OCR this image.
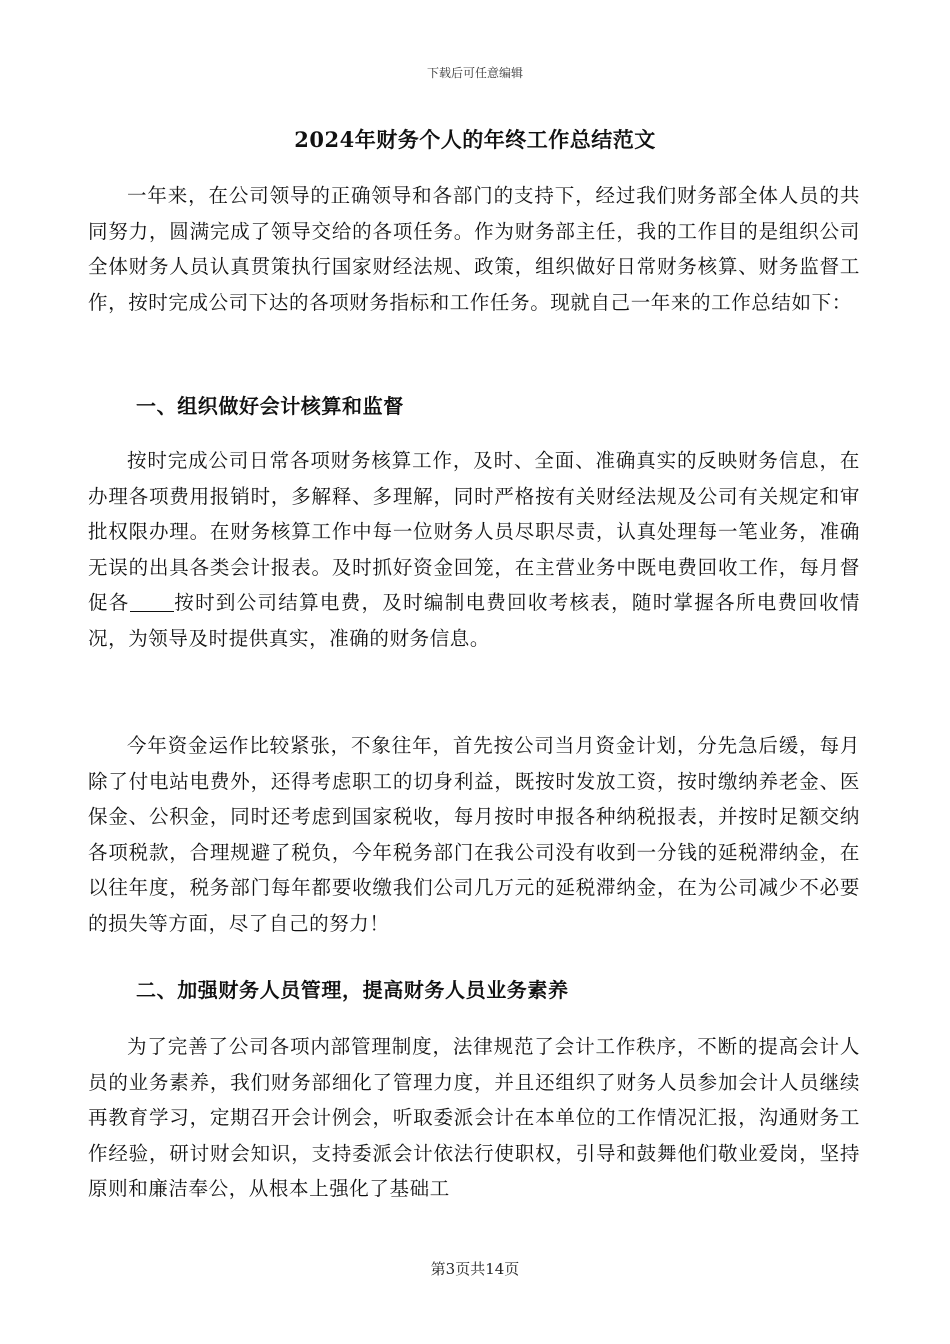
下载后可任意编辑
2024年财务个人的年终工作总结范文

一年来，在公司领导的正确领导和各部门的支持下，经过我们财务部全体人员的共同努力，圆满完成了领导交给的各项任务。作为财务部主任，我的工作目的是组织公司全体财务人员认真贯策执行国家财经法规、政策，组织做好日常财务核算、财务监督工作，按时完成公司下达的各项财务指标和工作任务。现就自己一年来的工作总结如下：

一、组织做好会计核算和监督

按时完成公司日常各项财务核算工作，及时、全面、准确真实的反映财务信息，在办理各项费用报销时，多解释、多理解，同时严格按有关财经法规及公司有关规定和审批权限办理。在财务核算工作中每一位财务人员尽职尽责，认真处理每一笔业务，准确无误的出具各类会计报表。及时抓好资金回笼，在主营业务中既电费回收工作，每月督促各 按时到公司结算电费，及时编制电费回收考核表，随时掌握各所电费回收情况，为领导及时提供真实，准确的财务信息。

今年资金运作比较紧张，不象往年，首先按公司当月资金计划，分先急后缓，每月除了付电站电费外，还得考虑职工的切身利益，既按时发放工资，按时缴纳养老金、医保金、公积金，同时还考虑到国家税收，每月按时申报各种纳税报表，并按时足额交纳各项税款，合理规避了税负，今年税务部门在我公司没有收到一分钱的延税滞纳金，在以往年度，税务部门每年都要收缴我们公司几万元的延税滞纳金，在为公司减少不必要的损失等方面，尽了自己的努力！

二、加强财务人员管理，提高财务人员业务素养

为了完善了公司各项内部管理制度，法律规范了会计工作秩序，不断的提高会计人员的业务素养，我们财务部细化了管理力度，并且还组织了财务人员参加会计人员继续再教育学习，定期召开会计例会，听取委派会计在本单位的工作情况汇报，沟通财务工作经验，研讨财会知识，支持委派会计依法行使职权，引导和鼓舞他们敬业爱岗，坚持原则和廉洁奉公，从根本上强化了基础工

第3页共14页
